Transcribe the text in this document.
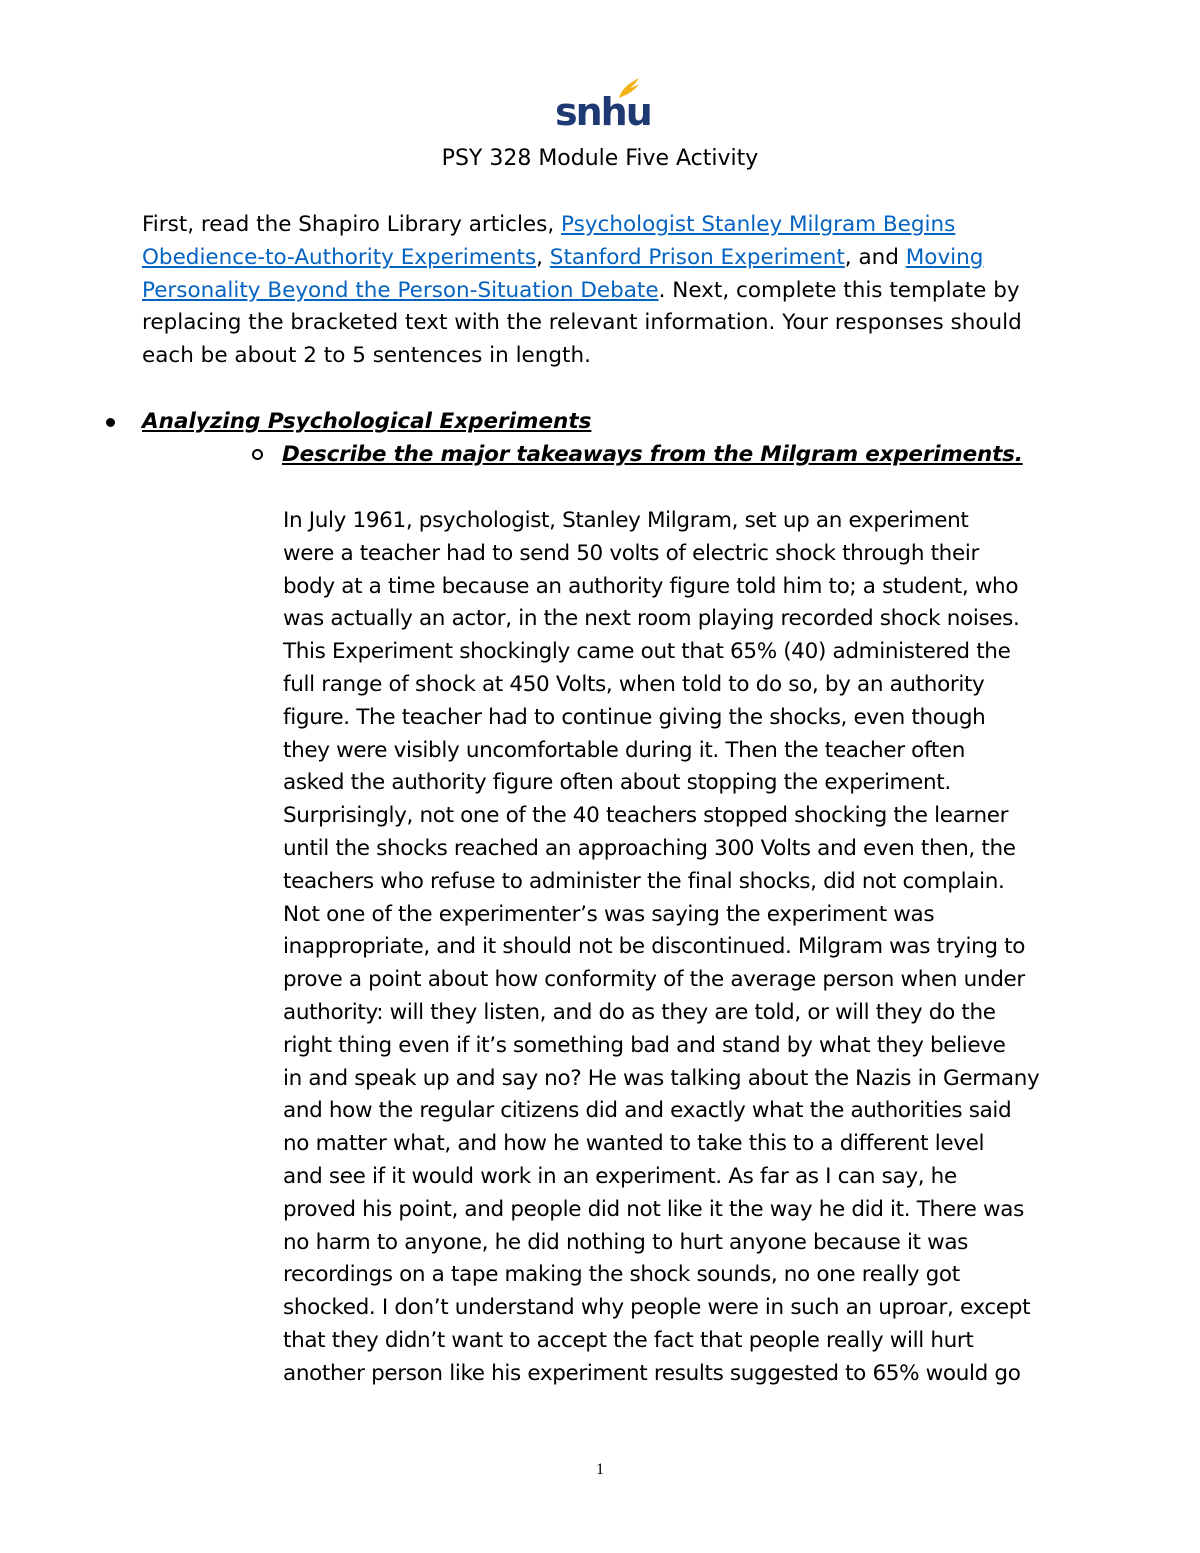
snhu
PSY 328 Module Five Activity
First, read the Shapiro Library articles, Psychologist Stanley Milgram Begins
Obedience-to-Authority Experiments, Stanford Prison Experiment, and Moving
Personality Beyond the Person-Situation Debate. Next, complete this template by
replacing the bracketed text with the relevant information. Your responses should
each be about 2 to 5 sentences in length.
Analyzing Psychological Experiments
Describe the major takeaways from the Milgram experiments.
In July 1961, psychologist, Stanley Milgram, set up an experiment
were a teacher had to send 50 volts of electric shock through their
body at a time because an authority figure told him to; a student, who
was actually an actor, in the next room playing recorded shock noises.
This Experiment shockingly came out that 65% (40) administered the
full range of shock at 450 Volts, when told to do so, by an authority
figure. The teacher had to continue giving the shocks, even though
they were visibly uncomfortable during it. Then the teacher often
asked the authority figure often about stopping the experiment.
Surprisingly, not one of the 40 teachers stopped shocking the learner
until the shocks reached an approaching 300 Volts and even then, the
teachers who refuse to administer the final shocks, did not complain.
Not one of the experimenter’s was saying the experiment was
inappropriate, and it should not be discontinued. Milgram was trying to
prove a point about how conformity of the average person when under
authority: will they listen, and do as they are told, or will they do the
right thing even if it’s something bad and stand by what they believe
in and speak up and say no? He was talking about the Nazis in Germany
and how the regular citizens did and exactly what the authorities said
no matter what, and how he wanted to take this to a different level
and see if it would work in an experiment. As far as I can say, he
proved his point, and people did not like it the way he did it. There was
no harm to anyone, he did nothing to hurt anyone because it was
recordings on a tape making the shock sounds, no one really got
shocked. I don’t understand why people were in such an uproar, except
that they didn’t want to accept the fact that people really will hurt
another person like his experiment results suggested to 65% would go
1
